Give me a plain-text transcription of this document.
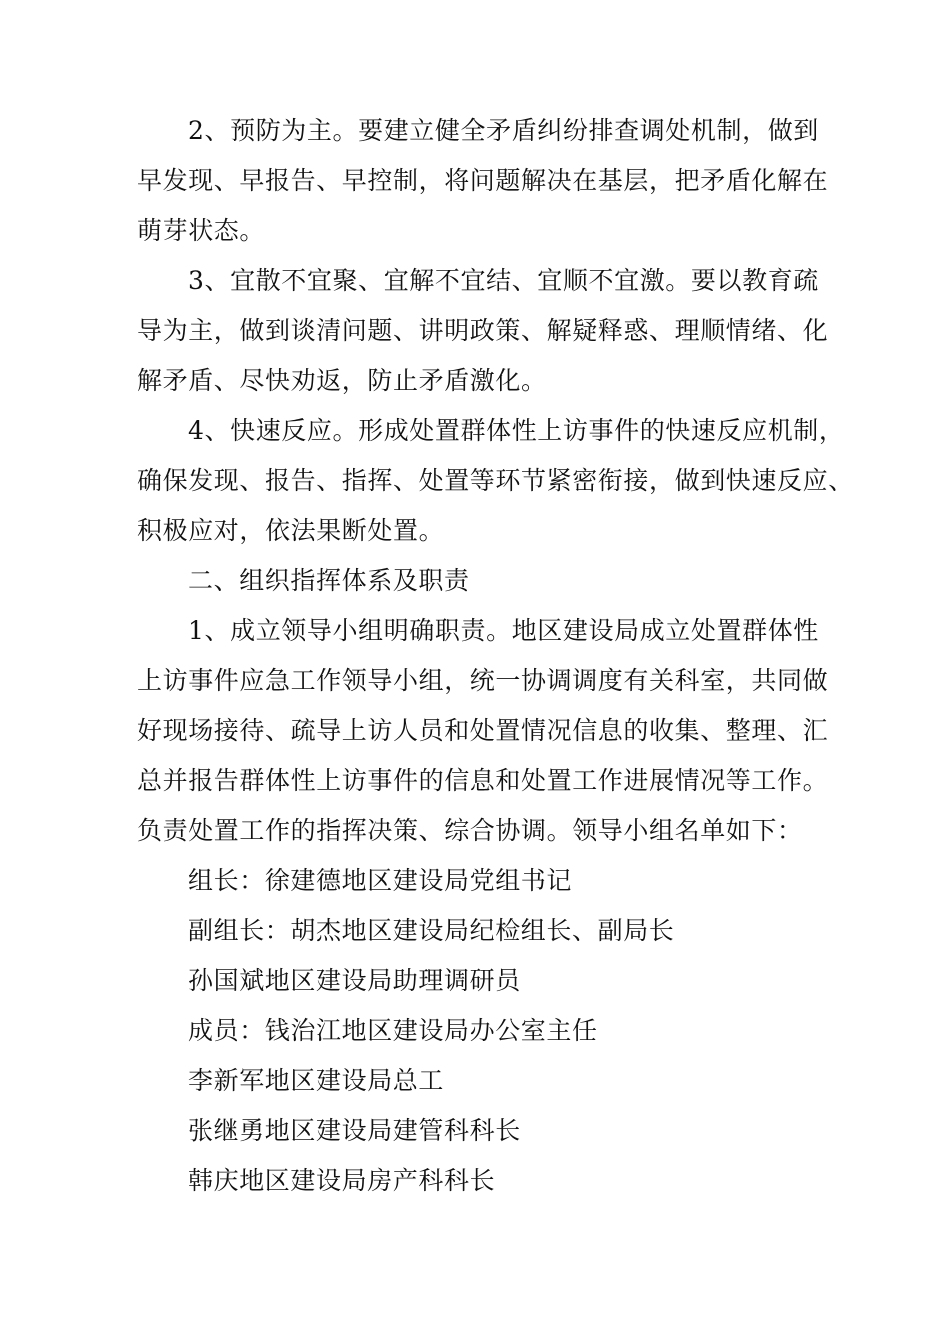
2、预防为主。要建立健全矛盾纠纷排查调处机制，做到
早发现、早报告、早控制，将问题解决在基层，把矛盾化解在
萌芽状态。
3、宜散不宜聚、宜解不宜结、宜顺不宜激。要以教育疏
导为主，做到谈清问题、讲明政策、解疑释惑、理顺情绪、化
解矛盾、尽快劝返，防止矛盾激化。
4、快速反应。形成处置群体性上访事件的快速反应机制，
确保发现、报告、指挥、处置等环节紧密衔接，做到快速反应、
积极应对，依法果断处置。
二、组织指挥体系及职责
1、成立领导小组明确职责。地区建设局成立处置群体性
上访事件应急工作领导小组，统一协调调度有关科室，共同做
好现场接待、疏导上访人员和处置情况信息的收集、整理、汇
总并报告群体性上访事件的信息和处置工作进展情况等工作。
负责处置工作的指挥决策、综合协调。领导小组名单如下：
组长：徐建德地区建设局党组书记
副组长：胡杰地区建设局纪检组长、副局长
孙国斌地区建设局助理调研员
成员：钱治江地区建设局办公室主任
李新军地区建设局总工
张继勇地区建设局建管科科长
韩庆地区建设局房产科科长
